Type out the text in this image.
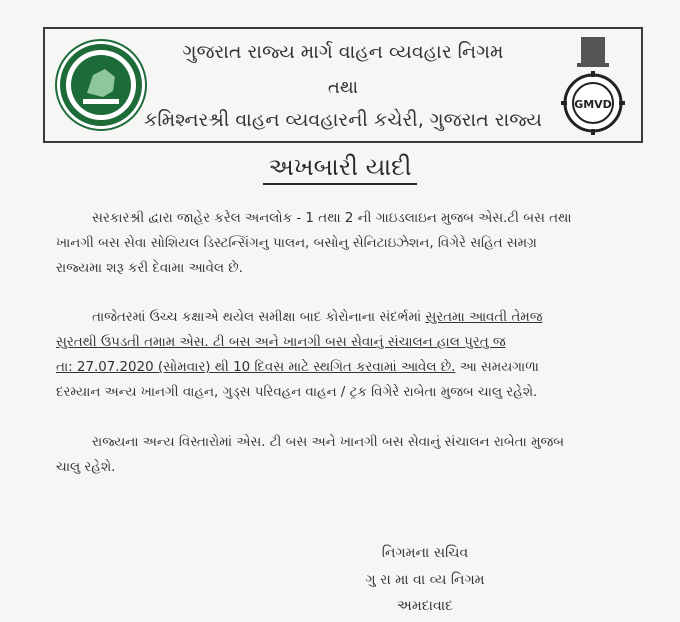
ગુજરાત રાજ્ય માર્ગ વાહન વ્યવહાર નિગમ
તથા
કમિશ્નરશ્રી વાહન વ્યવહારની કચેરી, ગુજરાત રાજ્ય
GMVD
અખબારી યાદી
સરકારશ્રી દ્વારા જાહેર કરેલ અનલોક - 1 તથા 2 ની ગાઇડલાઇન મુજબ એસ.ટી બસ તથા
ખાનગી બસ સેવા સોશિયલ ડિસ્ટન્સિંગનુ પાલન, બસોનુ સેનિટાઇઝેશન, વિગેરે સહિત સમગ્ર
રાજ્યમા શરૂ કરી દેવામા આવેલ છે.
તાજેતરમાં ઉચ્ચ કક્ષાએ થયેલ સમીક્ષા બાદ કોરોનાના સંદર્ભમાં સુરતમા આવતી તેમજ
સુરતથી ઉપડતી તમામ એસ. ટી બસ અને ખાનગી બસ સેવાનું સંચાલન હાલ પુરતુ જ
તા: 27.07.2020 (સોમવાર) થી 10 દિવસ માટે સ્થગિત કરવામાં આવેલ છે. આ સમયગાળા
દરમ્યાન અન્ય ખાનગી વાહન, ગુડ્સ પરિવહન વાહન / ટ્રક વિગેરે રાબેતા મુજબ ચાલુ રહેશે.
રાજ્યના અન્ય વિસ્તારોમાં એસ. ટી બસ અને ખાનગી બસ સેવાનું સંચાલન રાબેતા મુજબ
ચાલુ રહેશે.
નિગમના સચિવ
ગુ રા મા વા વ્ય નિગમ
અમદાવાદ
